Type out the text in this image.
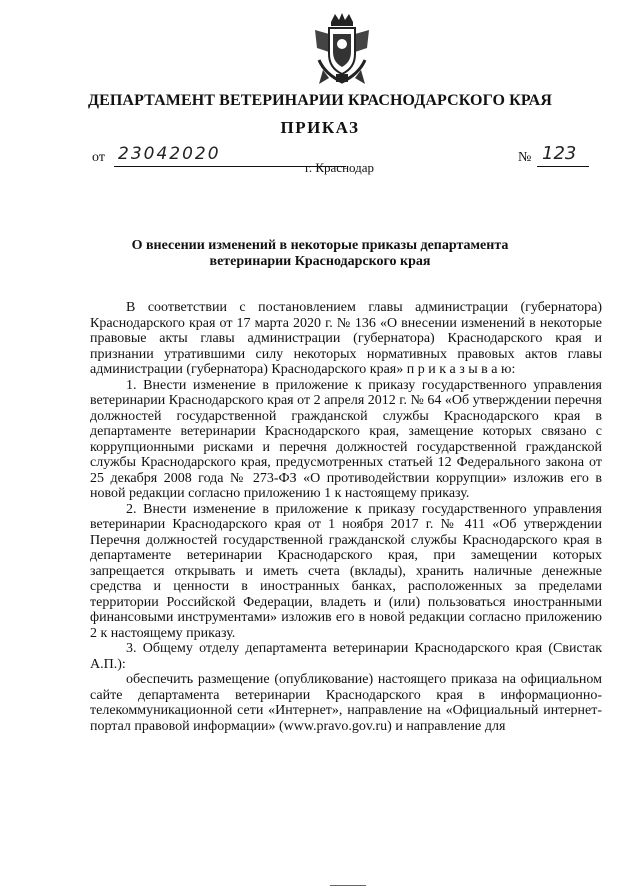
ДЕПАРТАМЕНТ ВЕТЕРИНАРИИ КРАСНОДАРСКОГО КРАЯ
ПРИКАЗ
от 23042020
г. Краснодар
№ 123
О внесении изменений в некоторые приказы департамента
ветеринарии Краснодарского края

В соответствии с постановлением главы администрации (губернатора) Краснодарского края от 17 марта 2020 г. № 136 «О внесении изменений в некоторые правовые акты главы администрации (губернатора) Краснодарского края и признании утратившими силу некоторых нормативных правовых актов главы администрации (губернатора) Краснодарского края» п р и к а з ы в а ю:

1. Внести изменение в приложение к приказу государственного управления ветеринарии Краснодарского края от 2 апреля 2012 г. № 64 «Об утверждении перечня должностей государственной гражданской службы Краснодарского края в департаменте ветеринарии Краснодарского края, замещение которых связано с коррупционными рисками и перечня должностей государственной гражданской службы Краснодарского края, предусмотренных статьей 12 Федерального закона от 25 декабря 2008 года № 273-ФЗ «О противодействии коррупции» изложив его в новой редакции согласно приложению 1 к настоящему приказу.

2. Внести изменение в приложение к приказу государственного управления ветеринарии Краснодарского края от 1 ноября 2017 г. № 411 «Об утверждении Перечня должностей государственной гражданской службы Краснодарского края в департаменте ветеринарии Краснодарского края, при замещении которых запрещается открывать и иметь счета (вклады), хранить наличные денежные средства и ценности в иностранных банках, расположенных за пределами территории Российской Федерации, владеть и (или) пользоваться иностранными финансовыми инструментами» изложив его в новой редакции согласно приложению 2 к настоящему приказу.

3. Общему отделу департамента ветеринарии Краснодарского края (Свистак А.П.):

обеспечить размещение (опубликование) настоящего приказа на официальном сайте департамента ветеринарии Краснодарского края в информационно-телекоммуникационной сети «Интернет», направление на «Официальный интернет-портал правовой информации» (www.pravo.gov.ru) и направление для
